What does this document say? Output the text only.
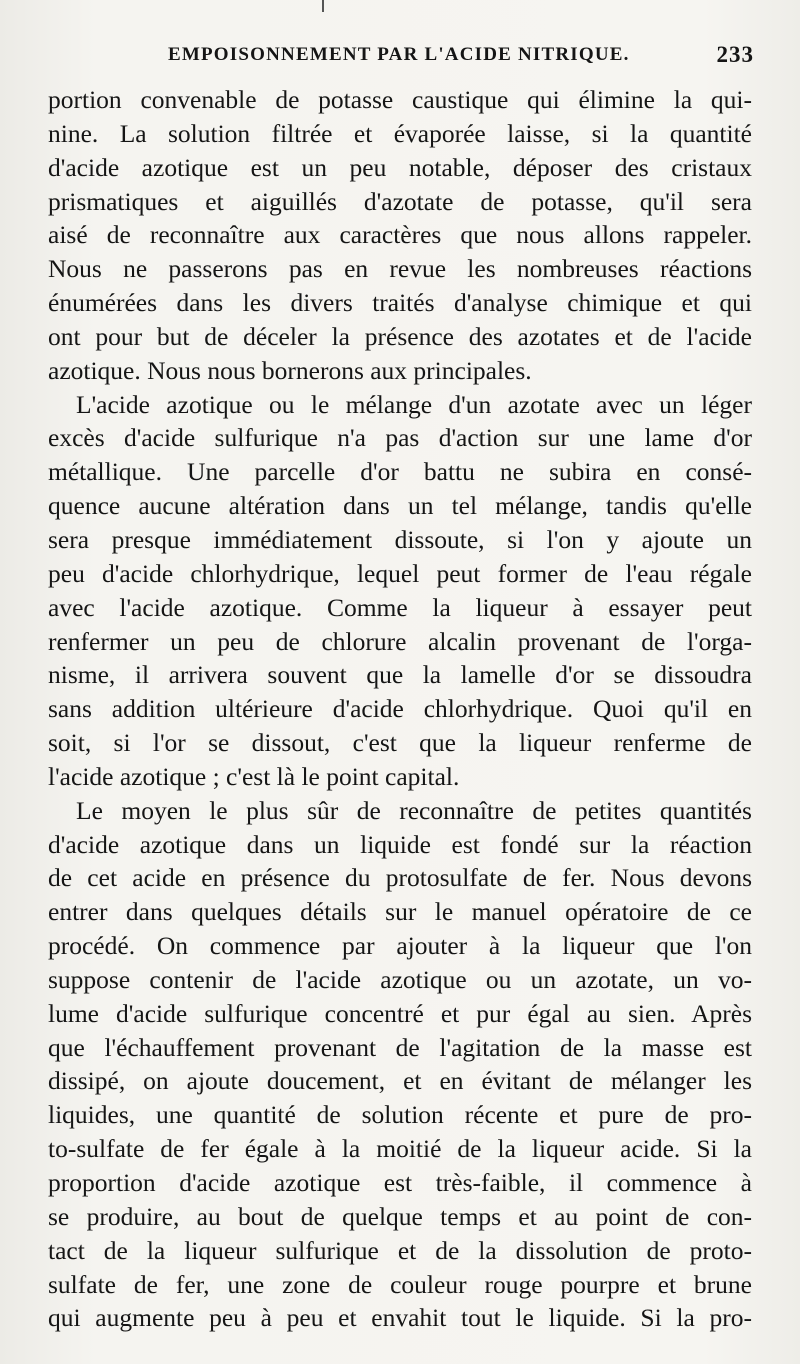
EMPOISONNEMENT PAR L'ACIDE NITRIQUE.	233
portion convenable de potasse caustique qui élimine la qui-
nine. La solution filtrée et évaporée laisse, si la quantité
d'acide azotique est un peu notable, déposer des cristaux
prismatiques et aiguillés d'azotate de potasse, qu'il sera
aisé de reconnaître aux caractères que nous allons rappeler.
Nous ne passerons pas en revue les nombreuses réactions
énumérées dans les divers traités d'analyse chimique et qui
ont pour but de déceler la présence des azotates et de l'acide
azotique. Nous nous bornerons aux principales.
L'acide azotique ou le mélange d'un azotate avec un léger
excès d'acide sulfurique n'a pas d'action sur une lame d'or
métallique. Une parcelle d'or battu ne subira en consé-
quence aucune altération dans un tel mélange, tandis qu'elle
sera presque immédiatement dissoute, si l'on y ajoute un
peu d'acide chlorhydrique, lequel peut former de l'eau régale
avec l'acide azotique. Comme la liqueur à essayer peut
renfermer un peu de chlorure alcalin provenant de l'orga-
nisme, il arrivera souvent que la lamelle d'or se dissoudra
sans addition ultérieure d'acide chlorhydrique. Quoi qu'il en
soit, si l'or se dissout, c'est que la liqueur renferme de
l'acide azotique ; c'est là le point capital.
Le moyen le plus sûr de reconnaître de petites quantités
d'acide azotique dans un liquide est fondé sur la réaction
de cet acide en présence du protosulfate de fer. Nous devons
entrer dans quelques détails sur le manuel opératoire de ce
procédé. On commence par ajouter à la liqueur que l'on
suppose contenir de l'acide azotique ou un azotate, un vo-
lume d'acide sulfurique concentré et pur égal au sien. Après
que l'échauffement provenant de l'agitation de la masse est
dissipé, on ajoute doucement, et en évitant de mélanger les
liquides, une quantité de solution récente et pure de pro-
to-sulfate de fer égale à la moitié de la liqueur acide. Si la
proportion d'acide azotique est très-faible, il commence à
se produire, au bout de quelque temps et au point de con-
tact de la liqueur sulfurique et de la dissolution de proto-
sulfate de fer, une zone de couleur rouge pourpre et brune
qui augmente peu à peu et envahit tout le liquide. Si la pro-
